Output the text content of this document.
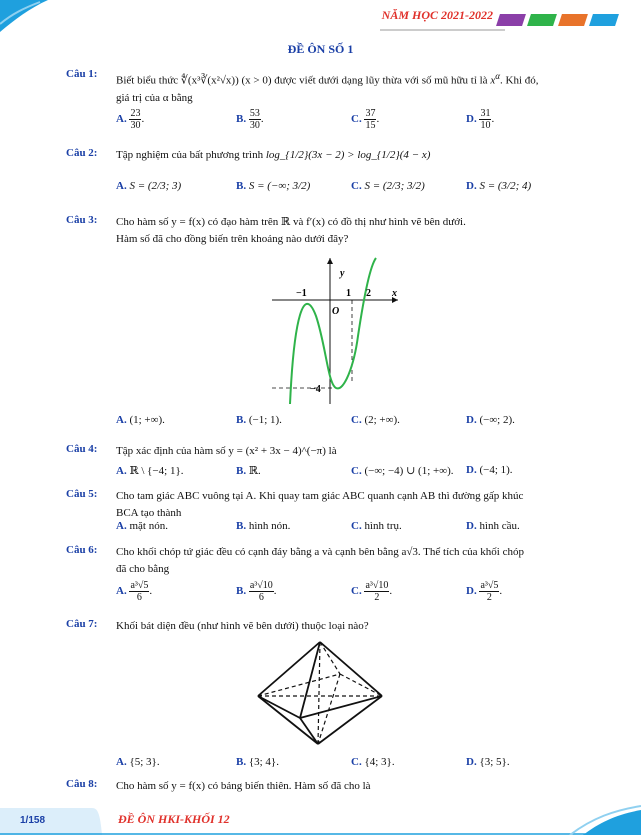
NĂM HỌC 2021-2022
ĐỀ ÔN SỐ 1
Câu 1:
Biết biểu thức ∜(x³∛(x²√x)) (x > 0) được viết dưới dạng lũy thừa với số mũ hữu tỉ là $x^\alpha$. Khi đó,
giá trị của α bằng
A. $\frac{23}{30}$ .	B. $\frac{53}{30}$ .	C. $\frac{37}{15}$ .	D. $\frac{31}{10}$ .
Câu 2:	Tập nghiệm của bất phương trình log_{1/2}(3x − 2) > log_{1/2}(4 − x)
A. S = (2/3; 3)	B. S = (−∞; 3/2)	C. S = (2/3; 3/2)	D. S = (3/2; 4)
Câu 3:	Cho hàm số y = f(x) có đạo hàm trên ℝ và f′(x) có đồ thị như hình vẽ bên dưới.
Hàm số đã cho đồng biến trên khoảng nào dưới đây?
y
x
O
−1	1 2
−4
A. (1; +∞).	B. (−1; 1).	C. (2; +∞).	D. (−∞; 2).
Câu 4:	Tập xác định của hàm số y = (x² + 3x − 4)^(−π) là
A. ℝ \ {−4; 1}.	B. ℝ.	C. (−∞; −4) ∪ (1; +∞). D. (−4; 1).
Câu 5:	Cho tam giác ABC vuông tại A. Khi quay tam giác ABC quanh cạnh AB thì đường gấp khúc
BCA tạo thành
A. mặt nón.	B. hình nón.	C. hình trụ.	D. hình cầu.
Câu 6:	Cho khối chóp tứ giác đều có cạnh đáy bằng a và cạnh bên bằng a√3. Thể tích của khối chóp
đã cho bằng
A. $\frac{\text{a³√5}}{6}$ .	B. $\frac{\text{a³√10}}{6}$ .	C. $\frac{\text{a³√10}}{2}$ .	D. $\frac{\text{a³√5}}{2}$ .
Câu 7:	Khối bát diện đều (như hình vẽ bên dưới) thuộc loại nào?
A. {5; 3}.	B. {3; 4}.	C. {4; 3}.	D. {3; 5}.
Câu 8:	Cho hàm số y = f(x) có bảng biến thiên. Hàm số đã cho là
1/158	ĐỀ ÔN HKI-KHỐI 12
